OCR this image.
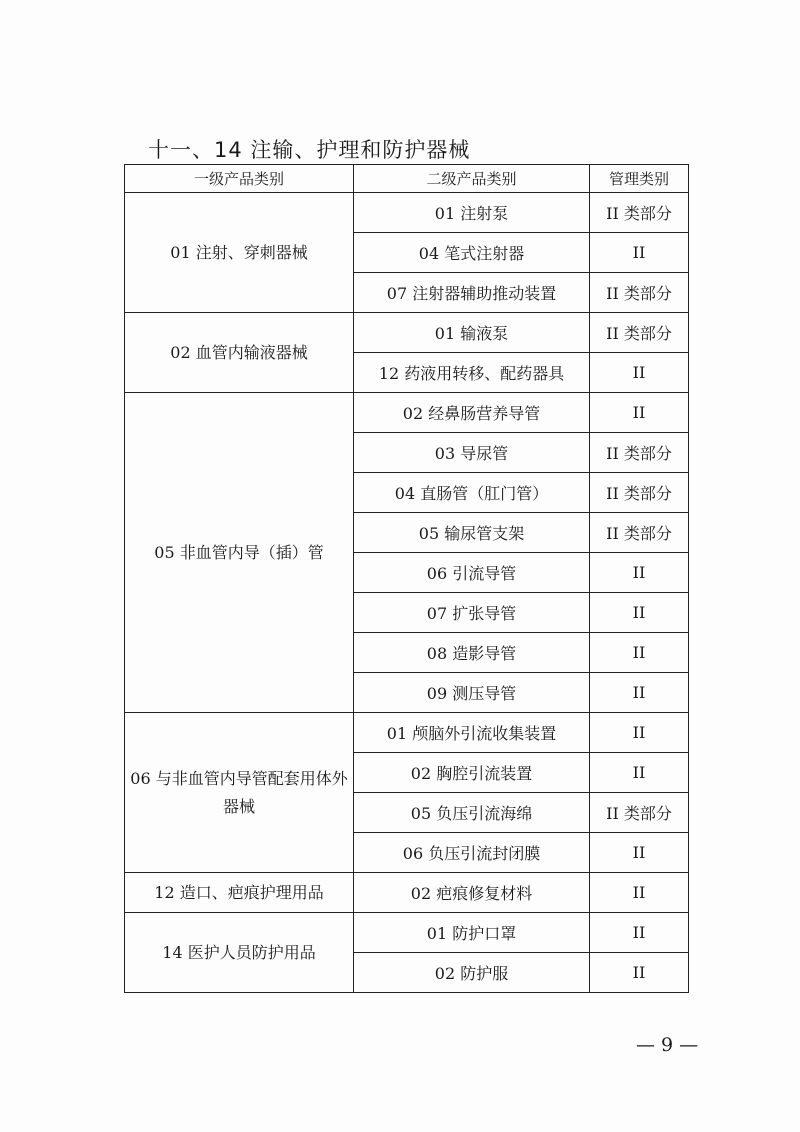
十一、14 注输、护理和防护器械
一级产品类别	二级产品类别	管理类别
01 注射、穿刺器械	01 注射泵	II 类部分
	04 笔式注射器	II
	07 注射器辅助推动装置	II 类部分
02 血管内输液器械	01 输液泵	II 类部分
	12 药液用转移、配药器具	II
05 非血管内导（插）管	02 经鼻肠营养导管	II
	03 导尿管	II 类部分
	04 直肠管（肛门管）	II 类部分
	05 输尿管支架	II 类部分
	06 引流导管	II
	07 扩张导管	II
	08 造影导管	II
	09 测压导管	II
06 与非血管内导管配套用体外器械	01 颅脑外引流收集装置	II
	02 胸腔引流装置	II
	05 负压引流海绵	II 类部分
	06 负压引流封闭膜	II
12 造口、疤痕护理用品	02 疤痕修复材料	II
14 医护人员防护用品	01 防护口罩	II
	02 防护服	II
— 9 —
